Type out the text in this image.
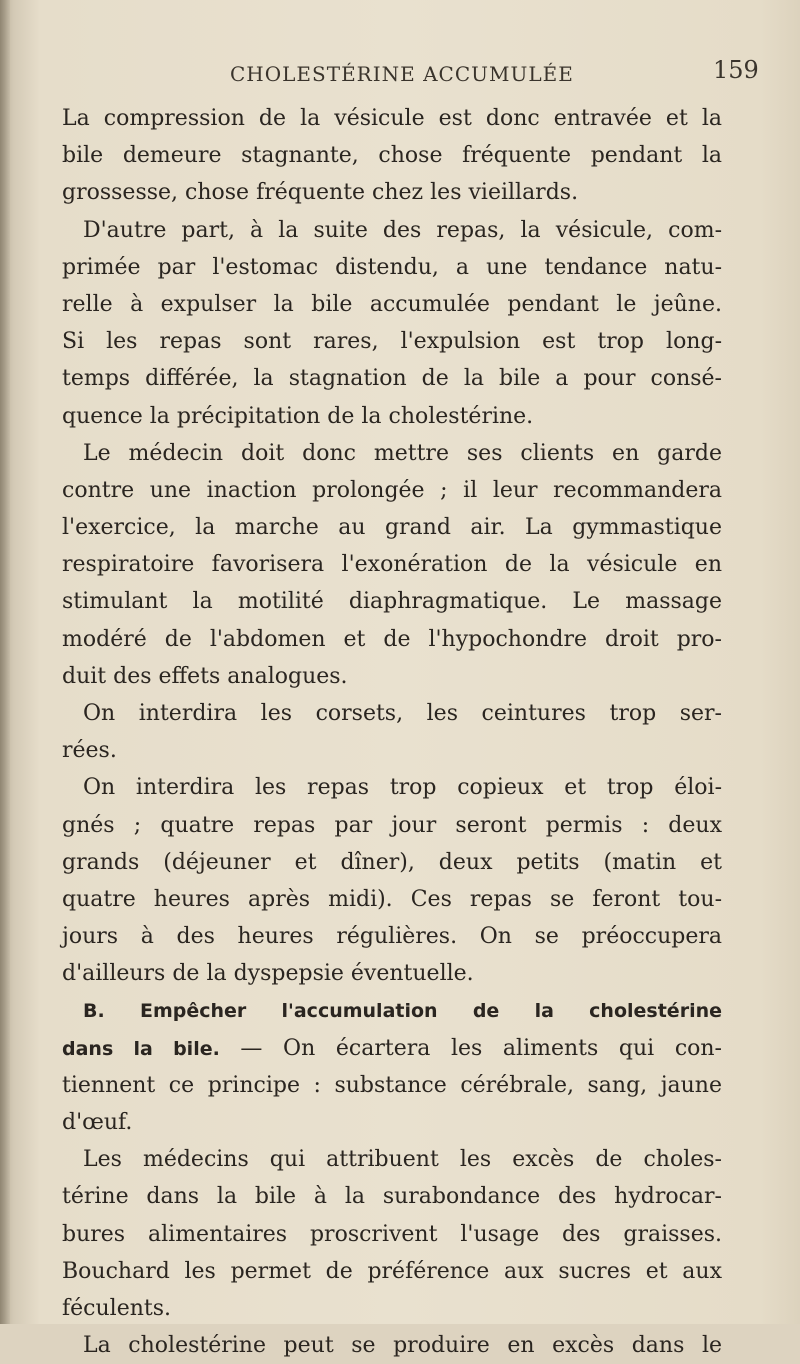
CHOLESTÉRINE ACCUMULÉE	159
La compression de la vésicule est donc entravée et la
bile demeure stagnante, chose fréquente pendant la
grossesse, chose fréquente chez les vieillards.
D'autre part, à la suite des repas, la vésicule, com-
primée par l'estomac distendu, a une tendance natu-
relle à expulser la bile accumulée pendant le jeûne.
Si les repas sont rares, l'expulsion est trop long-
temps différée, la stagnation de la bile a pour consé-
quence la précipitation de la cholestérine.
Le médecin doit donc mettre ses clients en garde
contre une inaction prolongée ; il leur recommandera
l'exercice, la marche au grand air. La gymmastique
respiratoire favorisera l'exonération de la vésicule en
stimulant la motilité diaphragmatique. Le massage
modéré de l'abdomen et de l'hypochondre droit pro-
duit des effets analogues.
On interdira les corsets, les ceintures trop ser-
rées.
On interdira les repas trop copieux et trop éloi-
gnés ; quatre repas par jour seront permis : deux
grands (déjeuner et dîner), deux petits (matin et
quatre heures après midi). Ces repas se feront tou-
jours à des heures régulières. On se préoccupera
d'ailleurs de la dyspepsie éventuelle.
B. Empêcher l'accumulation de la cholestérine
dans la bile. — On écartera les aliments qui con-
tiennent ce principe : substance cérébrale, sang, jaune
d'œuf.
Les médecins qui attribuent les excès de choles-
térine dans la bile à la surabondance des hydrocar-
bures alimentaires proscrivent l'usage des graisses.
Bouchard les permet de préférence aux sucres et aux
féculents.
La cholestérine peut se produire en excès dans le
